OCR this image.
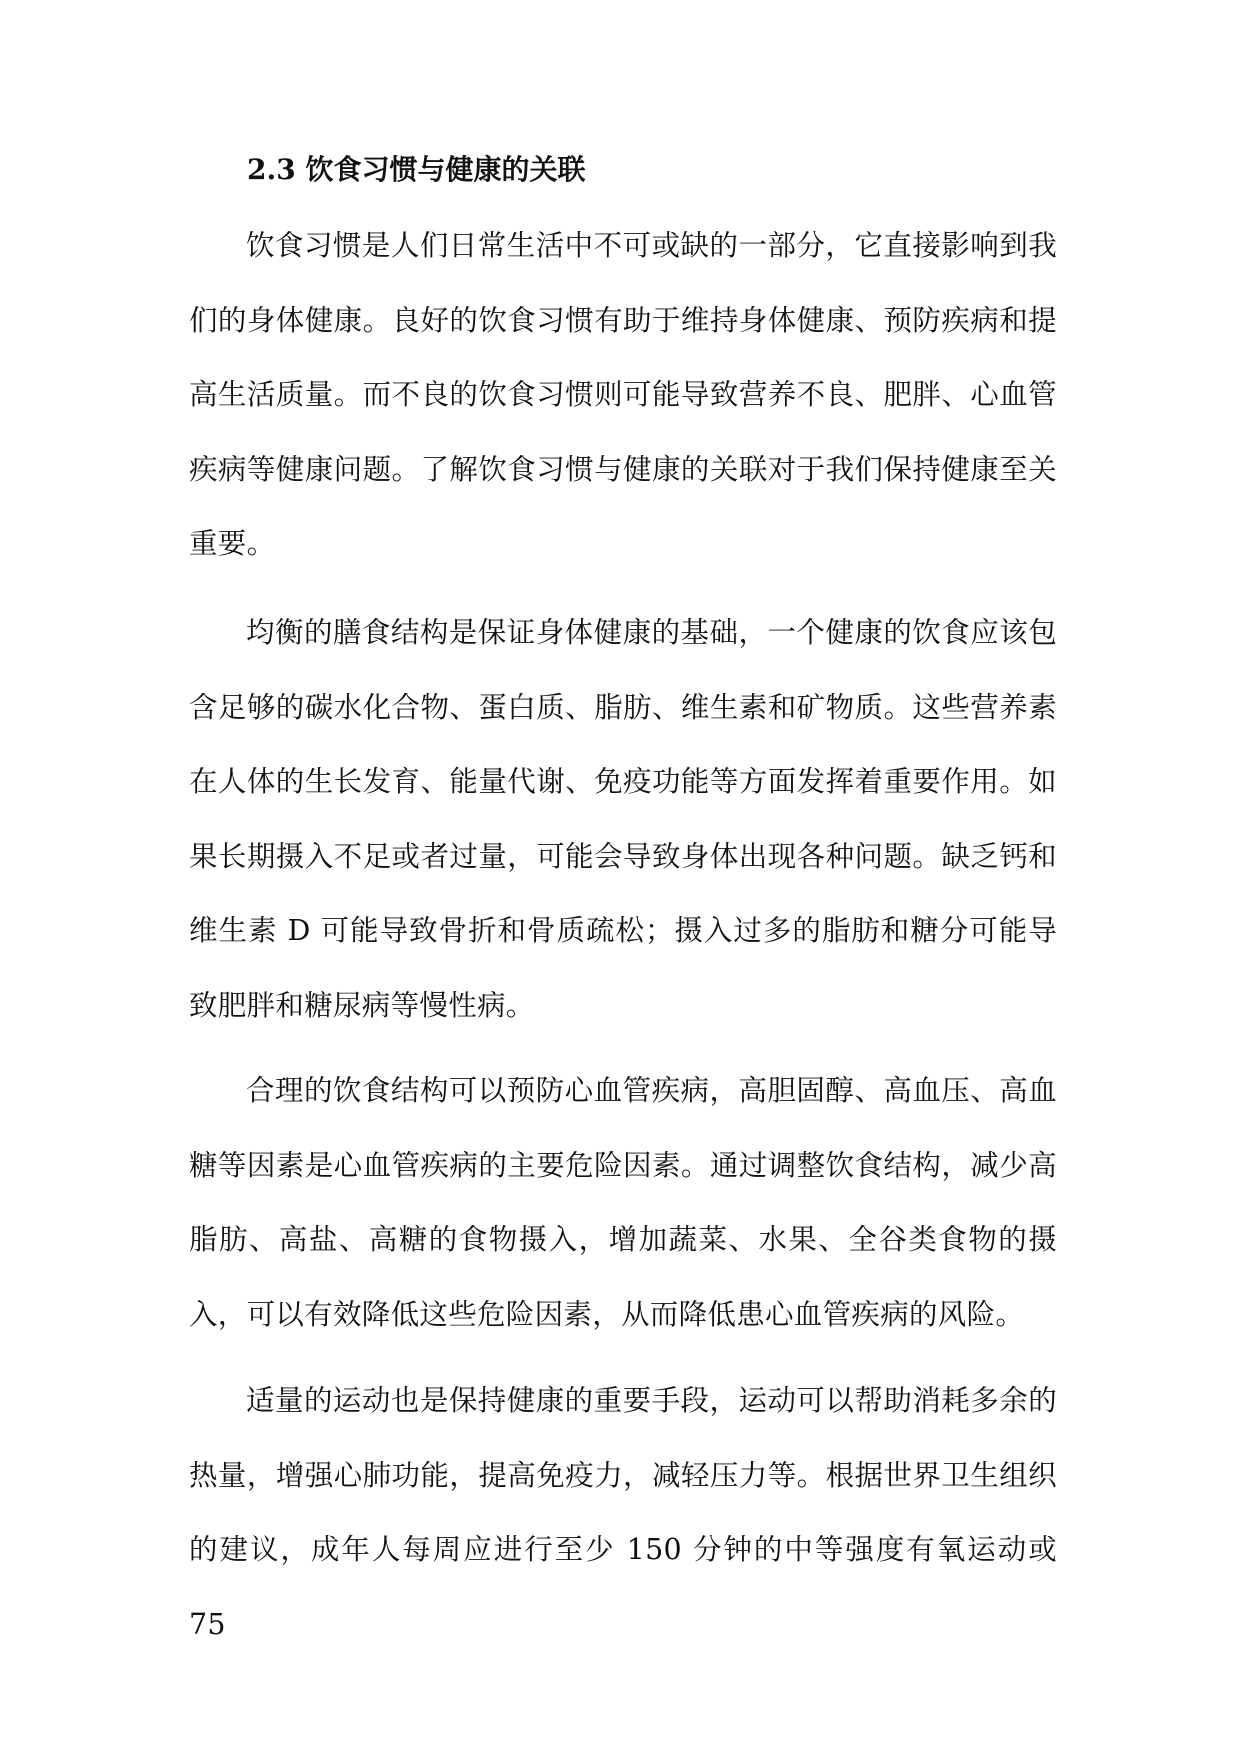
2.3 饮食习惯与健康的关联

饮食习惯是人们日常生活中不可或缺的一部分，它直接影响到我们的身体健康。良好的饮食习惯有助于维持身体健康、预防疾病和提高生活质量。而不良的饮食习惯则可能导致营养不良、肥胖、心血管疾病等健康问题。了解饮食习惯与健康的关联对于我们保持健康至关重要。

均衡的膳食结构是保证身体健康的基础，一个健康的饮食应该包含足够的碳水化合物、蛋白质、脂肪、维生素和矿物质。这些营养素在人体的生长发育、能量代谢、免疫功能等方面发挥着重要作用。如果长期摄入不足或者过量，可能会导致身体出现各种问题。缺乏钙和维生素 D 可能导致骨折和骨质疏松；摄入过多的脂肪和糖分可能导致肥胖和糖尿病等慢性病。

合理的饮食结构可以预防心血管疾病，高胆固醇、高血压、高血糖等因素是心血管疾病的主要危险因素。通过调整饮食结构，减少高脂肪、高盐、高糖的食物摄入，增加蔬菜、水果、全谷类食物的摄入，可以有效降低这些危险因素，从而降低患心血管疾病的风险。

适量的运动也是保持健康的重要手段，运动可以帮助消耗多余的热量，增强心肺功能，提高免疫力，减轻压力等。根据世界卫生组织的建议，成年人每周应进行至少 150 分钟的中等强度有氧运动或 75
